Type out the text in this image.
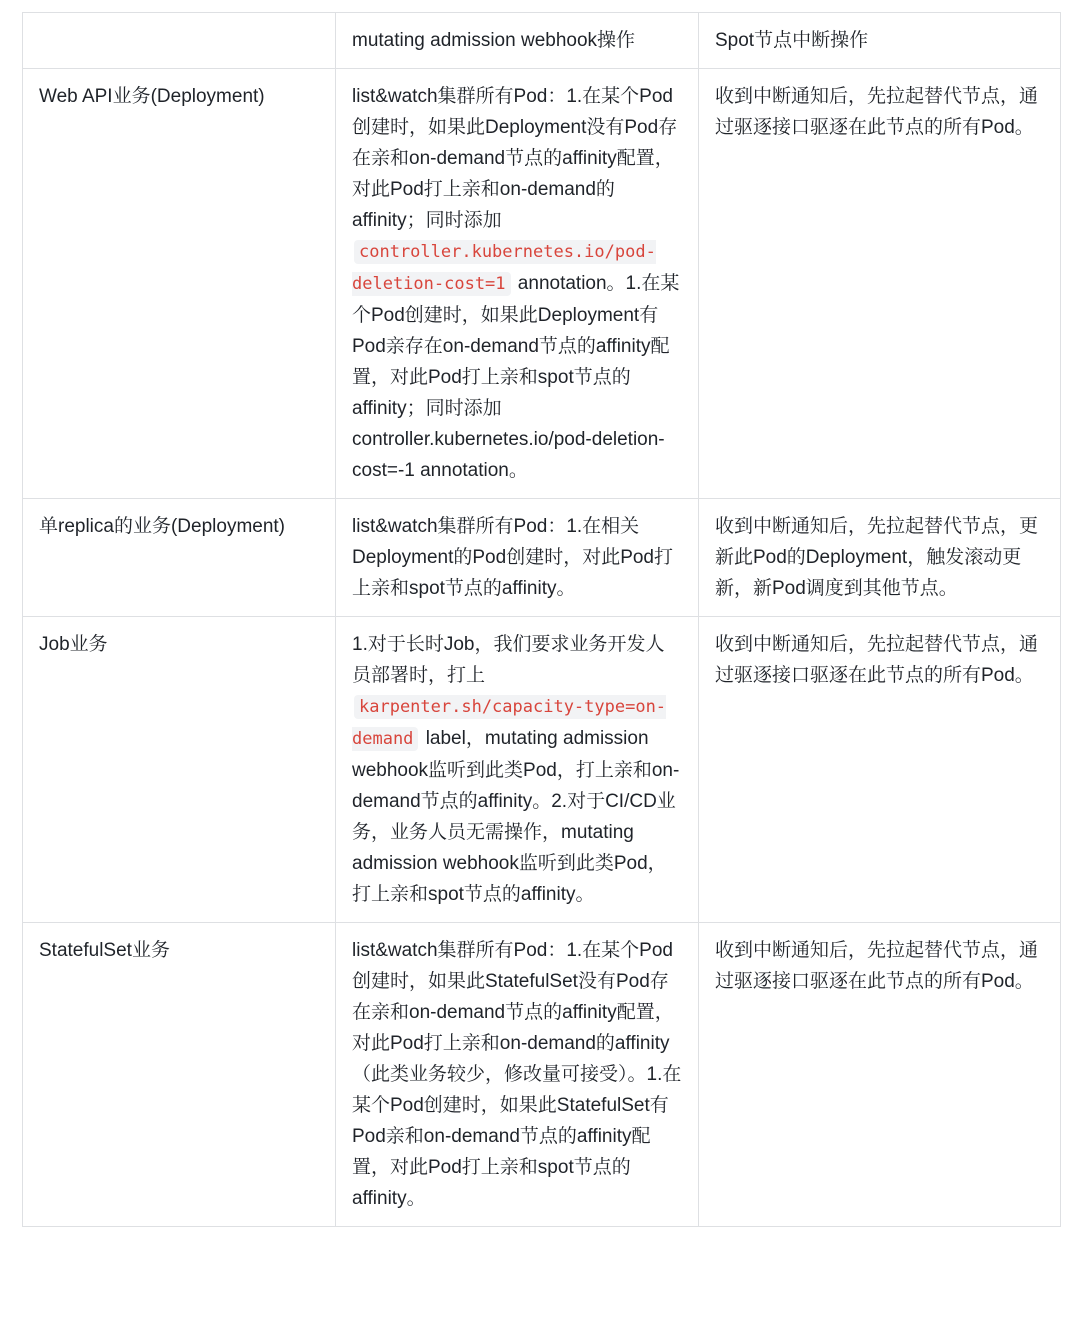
	mutating admission webhook操作	Spot节点中断操作
Web API业务(Deployment)	list&watch集群所有Pod：1.在某个Pod创建时，如果此Deployment没有Pod存在亲和on-demand节点的affinity配置，对此Pod打上亲和on-demand的affinity；同时添加 controller.kubernetes.io/pod-deletion-cost=1 annotation。1.在某个Pod创建时，如果此Deployment有Pod亲存在on-demand节点的affinity配置，对此Pod打上亲和spot节点的affinity；同时添加 controller.kubernetes.io/pod-deletion-cost=-1 annotation。	收到中断通知后，先拉起替代节点，通过驱逐接口驱逐在此节点的所有Pod。
单replica的业务(Deployment)	list&watch集群所有Pod：1.在相关Deployment的Pod创建时，对此Pod打上亲和spot节点的affinity。	收到中断通知后，先拉起替代节点，更新此Pod的Deployment，触发滚动更新，新Pod调度到其他节点。
Job业务	1.对于长时Job，我们要求业务开发人员部署时，打上 karpenter.sh/capacity-type=on-demand label，mutating admission webhook监听到此类Pod，打上亲和on-demand节点的affinity。2.对于CI/CD业务，业务人员无需操作，mutating admission webhook监听到此类Pod，打上亲和spot节点的affinity。	收到中断通知后，先拉起替代节点，通过驱逐接口驱逐在此节点的所有Pod。
StatefulSet业务	list&watch集群所有Pod：1.在某个Pod创建时，如果此StatefulSet没有Pod存在亲和on-demand节点的affinity配置，对此Pod打上亲和on-demand的affinity（此类业务较少，修改量可接受）。1.在某个Pod创建时，如果此StatefulSet有Pod亲和on-demand节点的affinity配置，对此Pod打上亲和spot节点的affinity。	收到中断通知后，先拉起替代节点，通过驱逐接口驱逐在此节点的所有Pod。
